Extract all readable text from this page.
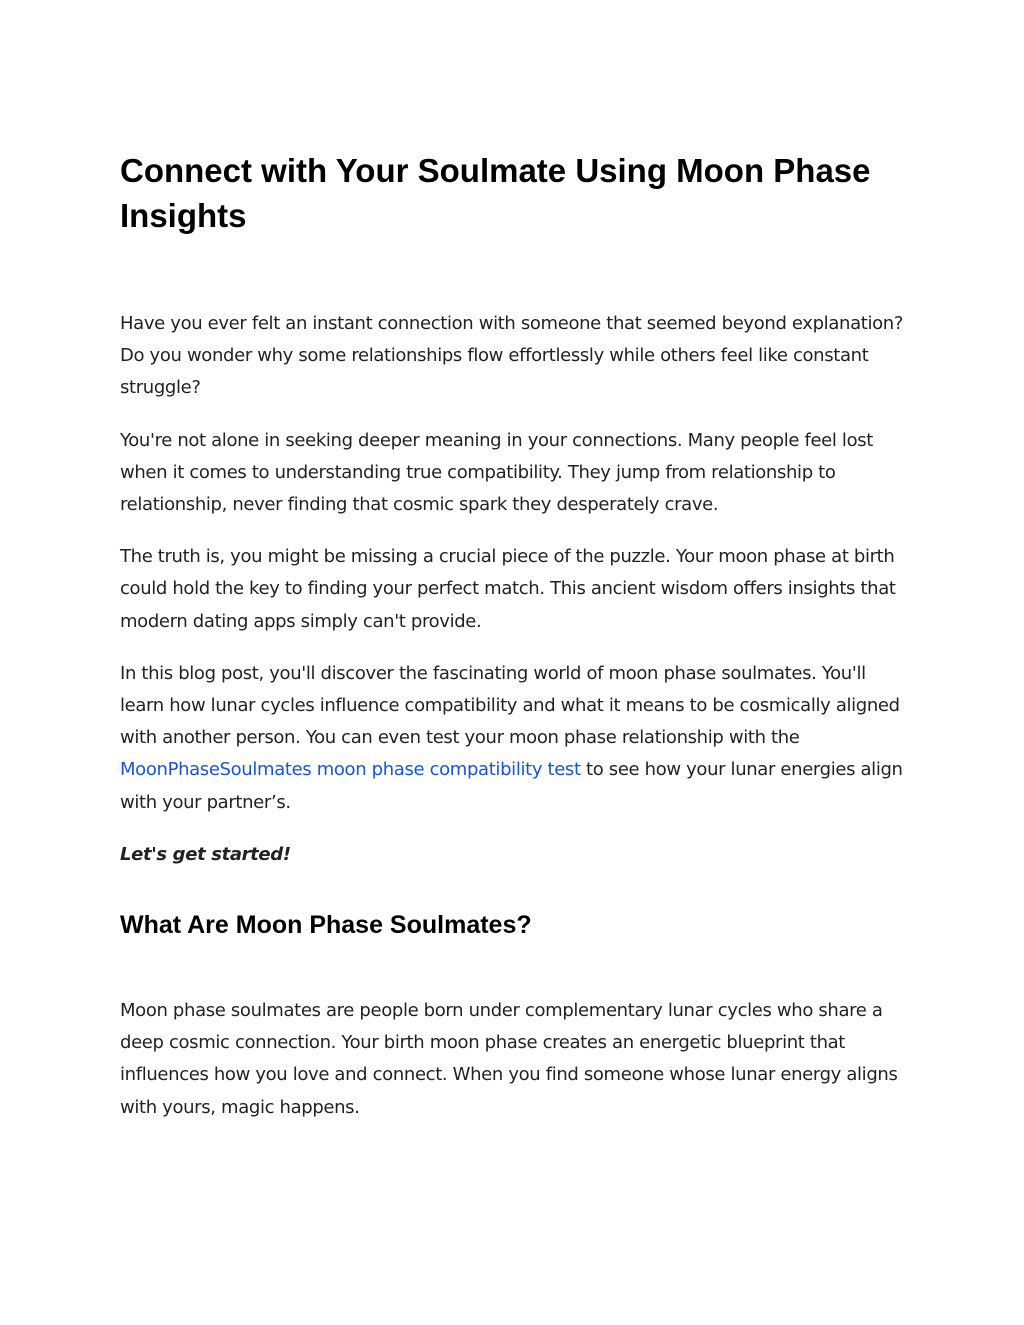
Connect with Your Soulmate Using Moon Phase Insights

Have you ever felt an instant connection with someone that seemed beyond explanation? Do you wonder why some relationships flow effortlessly while others feel like constant struggle?

You're not alone in seeking deeper meaning in your connections. Many people feel lost when it comes to understanding true compatibility. They jump from relationship to relationship, never finding that cosmic spark they desperately crave.

The truth is, you might be missing a crucial piece of the puzzle. Your moon phase at birth could hold the key to finding your perfect match. This ancient wisdom offers insights that modern dating apps simply can't provide.

In this blog post, you'll discover the fascinating world of moon phase soulmates. You'll learn how lunar cycles influence compatibility and what it means to be cosmically aligned with another person. You can even test your moon phase relationship with the MoonPhaseSoulmates moon phase compatibility test to see how your lunar energies align with your partner’s.

Let's get started!

What Are Moon Phase Soulmates?

Moon phase soulmates are people born under complementary lunar cycles who share a deep cosmic connection. Your birth moon phase creates an energetic blueprint that influences how you love and connect. When you find someone whose lunar energy aligns with yours, magic happens.
